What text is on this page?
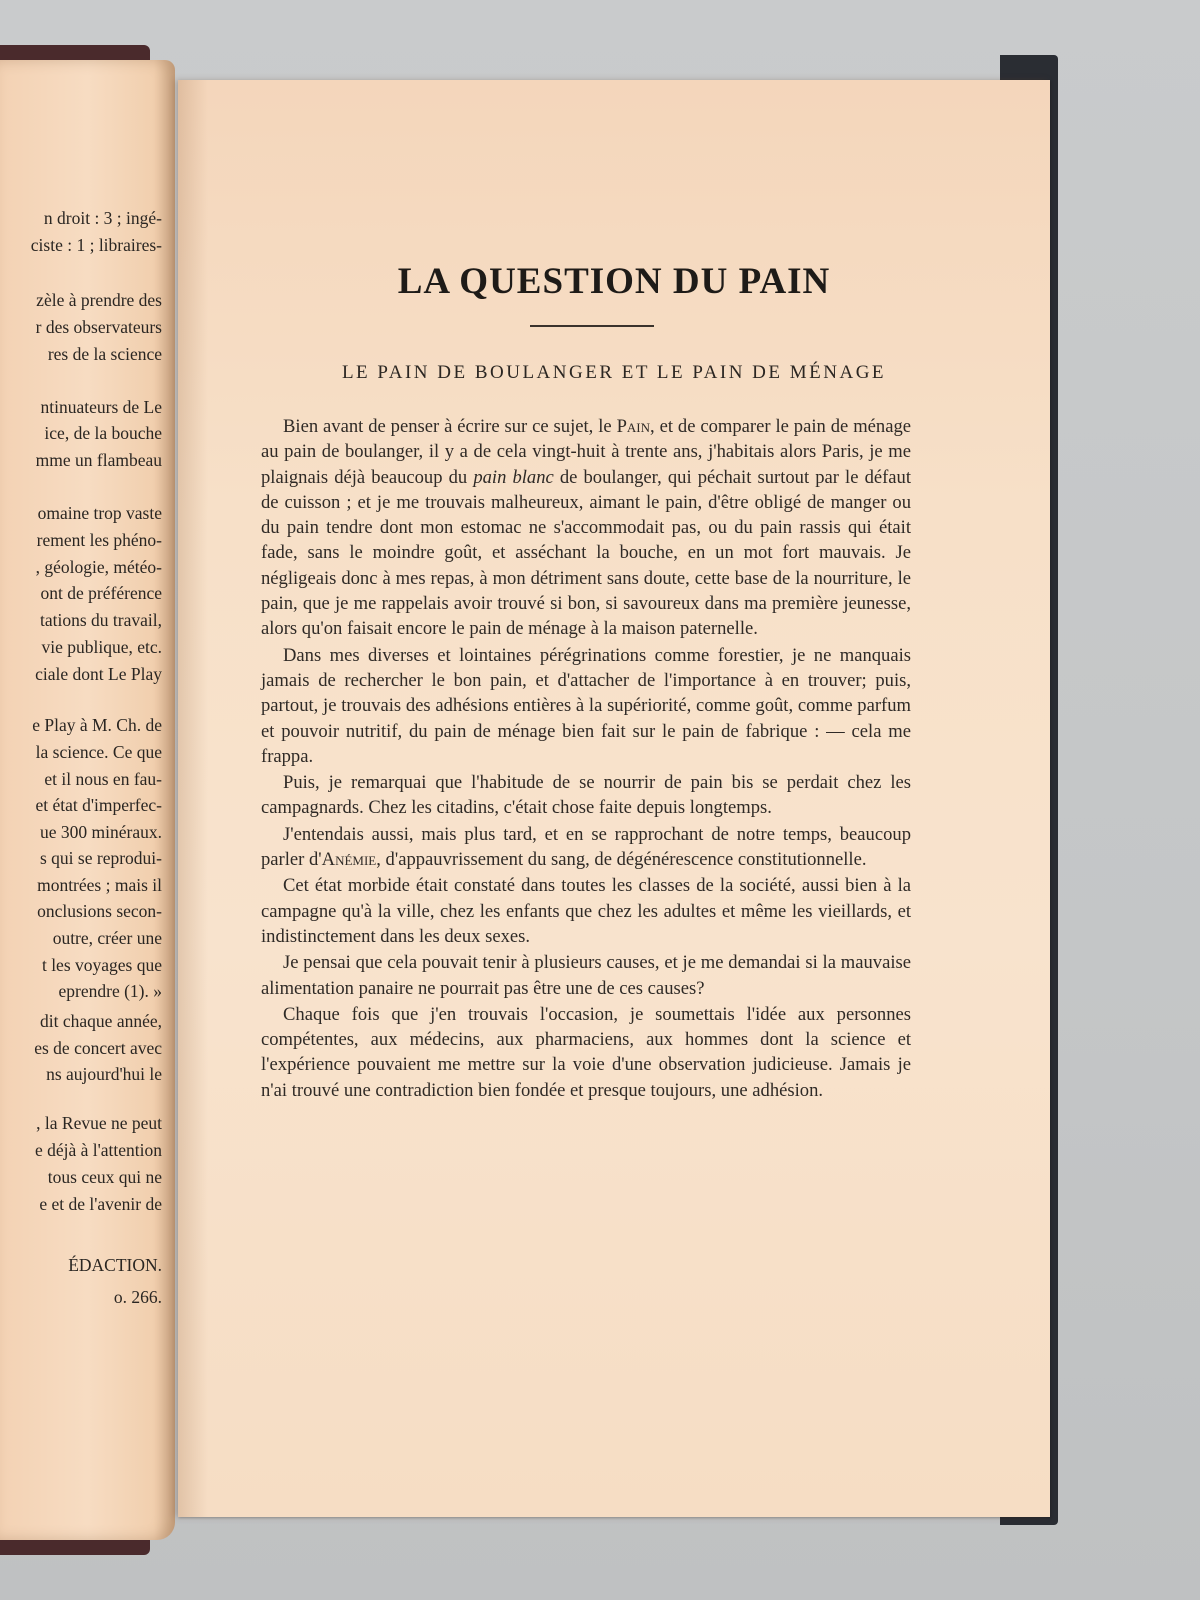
n droit : 3 ; ingé-
ciste : 1 ; libraires-
zèle à prendre des
r des observateurs
res de la science
ntinuateurs de Le
ice, de la bouche
mme un flambeau
omaine trop vaste
rement les phéno-
, géologie, météo-
ont de préférence
tations du travail,
vie publique, etc.
ciale dont Le Play
e Play à M. Ch. de
la science. Ce que
et il nous en fau-
et état d'imperfec-
ue 300 minéraux.
s qui se reprodui-
montrées ; mais il
onclusions secon-
outre, créer une
t les voyages que
eprendre (1). »
dit chaque année,
es de concert avec
ns aujourd'hui le
, la Revue ne peut
e déjà à l'attention
tous ceux qui ne
e et de l'avenir de
ÉDACTION.
o. 266.
LA QUESTION DU PAIN
LE PAIN DE BOULANGER ET LE PAIN DE MÉNAGE

Bien avant de penser à écrire sur ce sujet, le Pain, et de comparer le pain de ménage au pain de boulanger, il y a de cela vingt-huit à trente ans, j'habitais alors Paris, je me plaignais déjà beaucoup du pain blanc de boulanger, qui péchait surtout par le défaut de cuisson ; et je me trouvais malheureux, aimant le pain, d'être obligé de manger ou du pain tendre dont mon estomac ne s'accommodait pas, ou du pain rassis qui était fade, sans le moindre goût, et asséchant la bouche, en un mot fort mauvais. Je négligeais donc à mes repas, à mon détriment sans doute, cette base de la nourriture, le pain, que je me rappelais avoir trouvé si bon, si savoureux dans ma première jeunesse, alors qu'on faisait encore le pain de ménage à la maison paternelle.

Dans mes diverses et lointaines pérégrinations comme forestier, je ne manquais jamais de rechercher le bon pain, et d'attacher de l'importance à en trouver; puis, partout, je trouvais des adhésions entières à la supériorité, comme goût, comme parfum et pouvoir nutritif, du pain de ménage bien fait sur le pain de fabrique : — cela me frappa.

Puis, je remarquai que l'habitude de se nourrir de pain bis se perdait chez les campagnards. Chez les citadins, c'était chose faite depuis longtemps.

J'entendais aussi, mais plus tard, et en se rapprochant de notre temps, beaucoup parler d'Anémie, d'appauvrissement du sang, de dégénérescence constitutionnelle.

Cet état morbide était constaté dans toutes les classes de la société, aussi bien à la campagne qu'à la ville, chez les enfants que chez les adultes et même les vieillards, et indistinctement dans les deux sexes.

Je pensai que cela pouvait tenir à plusieurs causes, et je me demandai si la mauvaise alimentation panaire ne pourrait pas être une de ces causes?

Chaque fois que j'en trouvais l'occasion, je soumettais l'idée aux personnes compétentes, aux médecins, aux pharmaciens, aux hommes dont la science et l'expérience pouvaient me mettre sur la voie d'une observation judicieuse. Jamais je n'ai trouvé une contradiction bien fondée et presque toujours, une adhésion.
